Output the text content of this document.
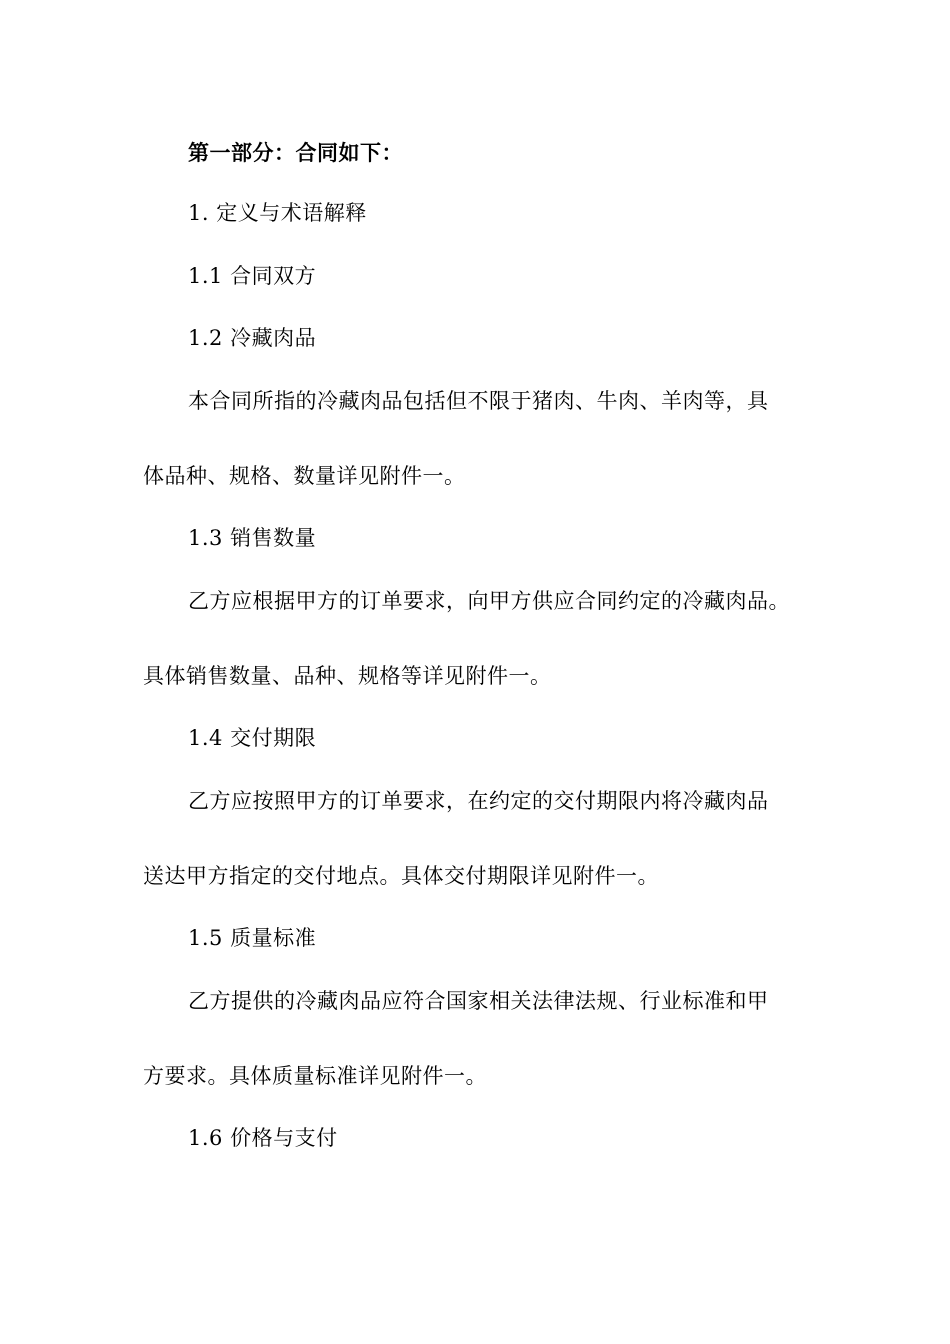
第一部分：合同如下：
1. 定义与术语解释
1.1 合同双方
1.2 冷藏肉品
本合同所指的冷藏肉品包括但不限于猪肉、牛肉、羊肉等，具
体品种、规格、数量详见附件一。
1.3 销售数量
乙方应根据甲方的订单要求，向甲方供应合同约定的冷藏肉品。
具体销售数量、品种、规格等详见附件一。
1.4 交付期限
乙方应按照甲方的订单要求，在约定的交付期限内将冷藏肉品
送达甲方指定的交付地点。具体交付期限详见附件一。
1.5 质量标准
乙方提供的冷藏肉品应符合国家相关法律法规、行业标准和甲
方要求。具体质量标准详见附件一。
1.6 价格与支付
